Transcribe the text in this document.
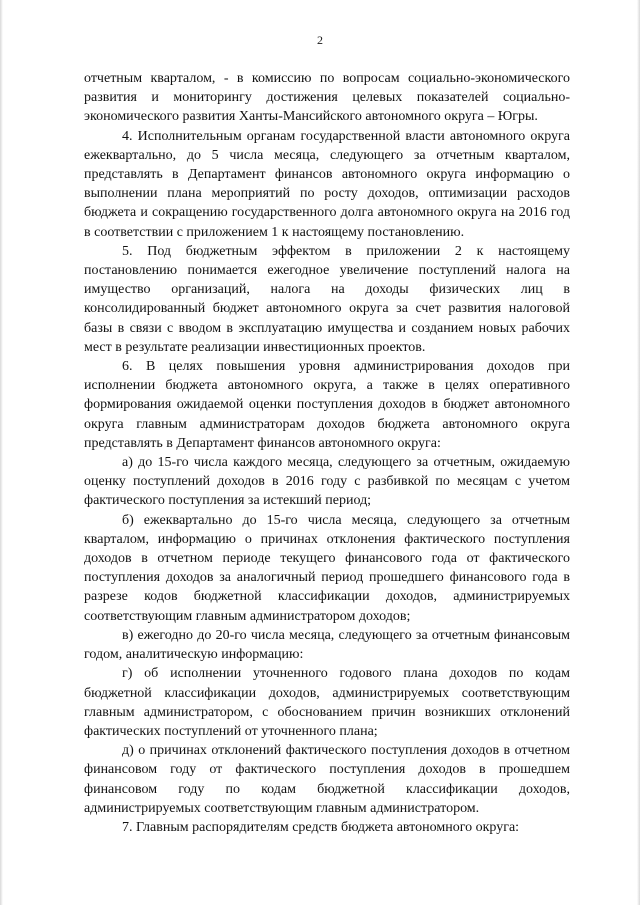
2

отчетным кварталом, - в комиссию по вопросам социально-экономического развития и мониторингу достижения целевых показателей социально-экономического развития Ханты-Мансийского автономного округа – Югры.

4. Исполнительным органам государственной власти автономного округа ежеквартально, до 5 числа месяца, следующего за отчетным кварталом, представлять в Департамент финансов автономного округа информацию о выполнении плана мероприятий по росту доходов, оптимизации расходов бюджета и сокращению государственного долга автономного округа на 2016 год в соответствии с приложением 1 к настоящему постановлению.

5. Под бюджетным эффектом в приложении 2 к настоящему постановлению понимается ежегодное увеличение поступлений налога на имущество организаций, налога на доходы физических лиц в консолидированный бюджет автономного округа за счет развития налоговой базы в связи с вводом в эксплуатацию имущества и созданием новых рабочих мест в результате реализации инвестиционных проектов.

6. В целях повышения уровня администрирования доходов при исполнении бюджета автономного округа, а также в целях оперативного формирования ожидаемой оценки поступления доходов в бюджет автономного округа главным администраторам доходов бюджета автономного округа представлять в Департамент финансов автономного округа:

а) до 15-го числа каждого месяца, следующего за отчетным, ожидаемую оценку поступлений доходов в 2016 году с разбивкой по месяцам с учетом фактического поступления за истекший период;

б) ежеквартально до 15-го числа месяца, следующего за отчетным кварталом, информацию о причинах отклонения фактического поступления доходов в отчетном периоде текущего финансового года от фактического поступления доходов за аналогичный период прошедшего финансового года в разрезе кодов бюджетной классификации доходов, администрируемых соответствующим главным администратором доходов;

в) ежегодно до 20-го числа месяца, следующего за отчетным финансовым годом, аналитическую информацию:

г) об исполнении уточненного годового плана доходов по кодам бюджетной классификации доходов, администрируемых соответствующим главным администратором, с обоснованием причин возникших отклонений фактических поступлений от уточненного плана;

д) о причинах отклонений фактического поступления доходов в отчетном финансовом году от фактического поступления доходов в прошедшем финансовом году по кодам бюджетной классификации доходов, администрируемых соответствующим главным администратором.

7. Главным распорядителям средств бюджета автономного округа:
